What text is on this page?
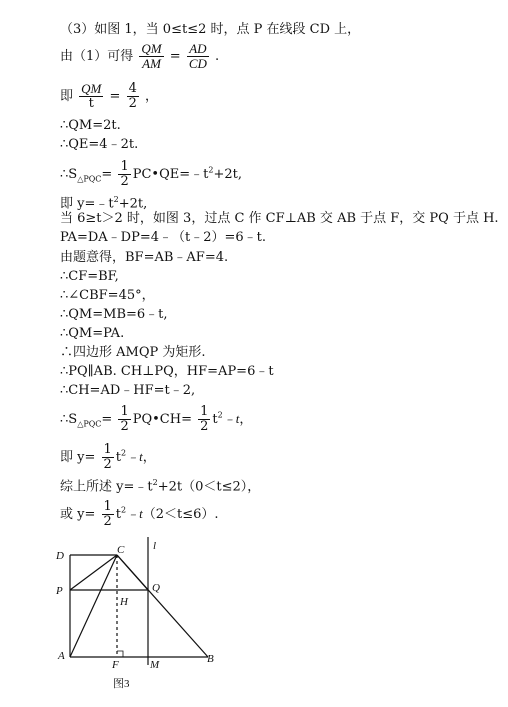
（3）如图 1，当 0≤t≤2 时，点 P 在线段 CD 上，
由（1）可得 $\frac{QM}{AM} = \frac{AD}{CD}$ .
即 $\frac{QM}{t} = \frac{4}{2}$ ，
∴QM=2t.
∴QE=4﹣2t.
$\therefore S_{\triangle PQC}= \frac{1}{2}$ $PC•QE=﹣t^2+2t$,
即 $y=﹣t^2+2t$,
当 6≥t＞2 时，如图 3，过点 C 作 CF⊥AB 交 AB 于点 F，交 PQ 于点 H.
PA=DA﹣DP=4﹣（t﹣2）=6﹣t.
由题意得，BF=AB﹣AF=4.
∴CF=BF,
∴∠CBF=45°，
∴QM=MB=6﹣t,
∴QM=PA.
∴四边形 AMQP 为矩形.
∴PQ∥AB. CH⊥PQ，HF=AP=6﹣t
∴CH=AD﹣HF=t﹣2,
$\therefore S_{\triangle PQC}= \frac{1}{2}$ PQ•CH= $\frac{1}{2}$ $t^2﹣t$，
即 $y= \frac{1}{2}$ $t^2﹣t$，
综上所述 $y=﹣t^2+2t(0<t\le 2)$，
或 $y= \frac{1}{2}$ $t^2﹣t(2<t\le 6)$.
D	C	l
P	Q
H
A
F	M	B
图3
